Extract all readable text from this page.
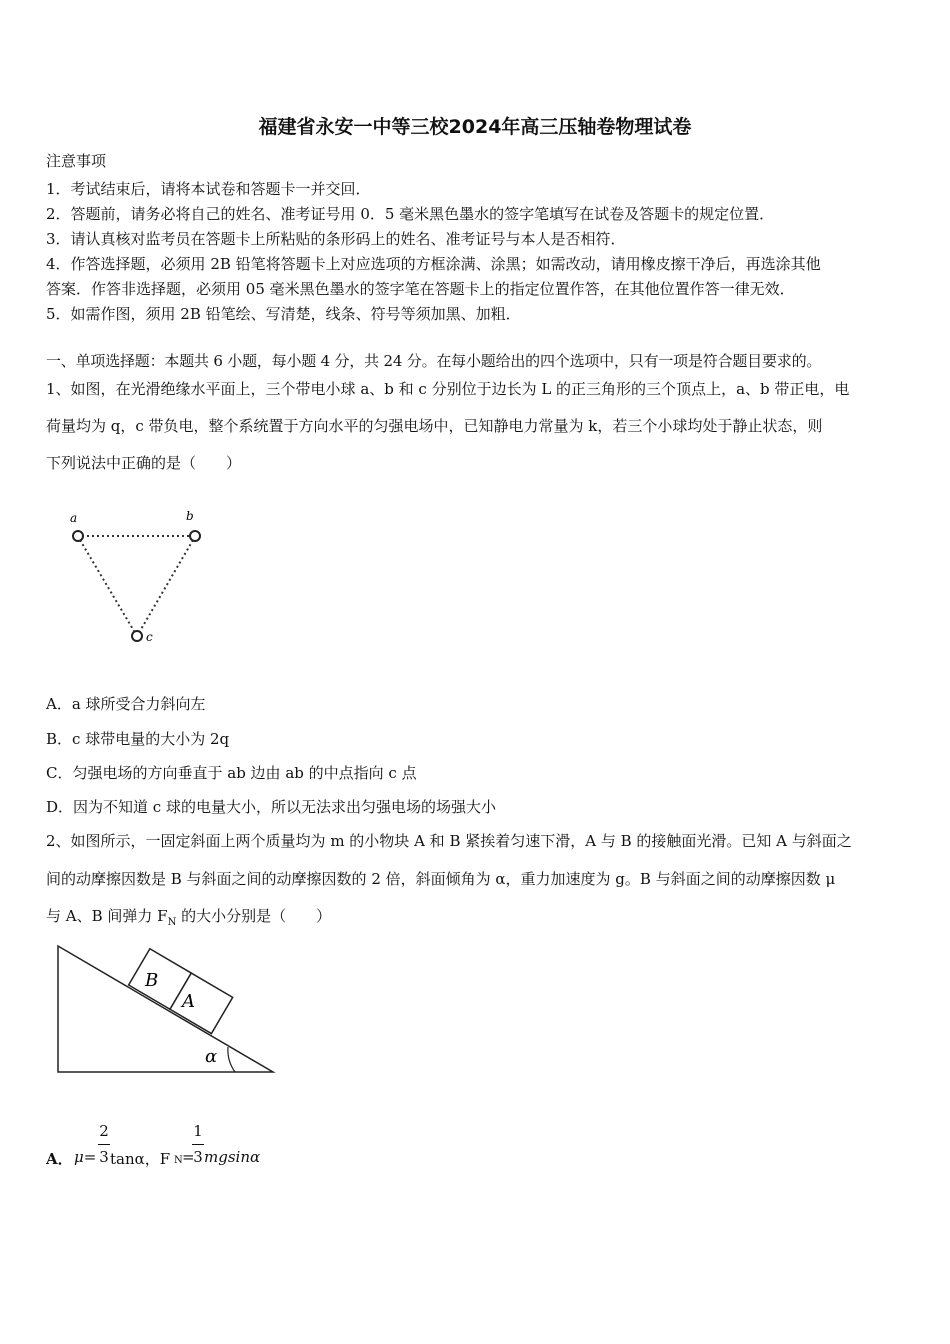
福建省永安一中等三校2024年高三压轴卷物理试卷
注意事项
1．考试结束后，请将本试卷和答题卡一并交回．
2．答题前，请务必将自己的姓名、准考证号用 0．5 毫米黑色墨水的签字笔填写在试卷及答题卡的规定位置．
3．请认真核对监考员在答题卡上所粘贴的条形码上的姓名、准考证号与本人是否相符．
4．作答选择题，必须用 2B 铅笔将答题卡上对应选项的方框涂满、涂黑；如需改动，请用橡皮擦干净后，再选涂其他
答案．作答非选择题，必须用 05 毫米黑色墨水的签字笔在答题卡上的指定位置作答，在其他位置作答一律无效．
5．如需作图，须用 2B 铅笔绘、写清楚，线条、符号等须加黑、加粗．
一、单项选择题：本题共 6 小题，每小题 4 分，共 24 分。在每小题给出的四个选项中，只有一项是符合题目要求的。
1、如图，在光滑绝缘水平面上，三个带电小球 a、b 和 c 分别位于边长为 L 的正三角形的三个顶点上，a、b 带正电，电
荷量均为 q，c 带负电，整个系统置于方向水平的匀强电场中，已知静电力常量为 k，若三个小球均处于静止状态，则
下列说法中正确的是（　　）
a	b
c
A．a 球所受合力斜向左
B．c 球带电量的大小为 2q
C．匀强电场的方向垂直于 ab 边由 ab 的中点指向 c 点
D．因为不知道 c 球的电量大小，所以无法求出匀强电场的场强大小
2、如图所示，一固定斜面上两个质量均为 m 的小物块 A 和 B 紧挨着匀速下滑，A 与 B 的接触面光滑。已知 A 与斜面之
间的动摩擦因数是 B 与斜面之间的动摩擦因数的 2 倍，斜面倾角为 α，重力加速度为 g。B 与斜面之间的动摩擦因数 μ
与 A、B 间弹力 $F_N$ 的大小分别是（　　）
B
A
α
A． μ=
2
3 tanα，F N =
1
3 mgsinα
